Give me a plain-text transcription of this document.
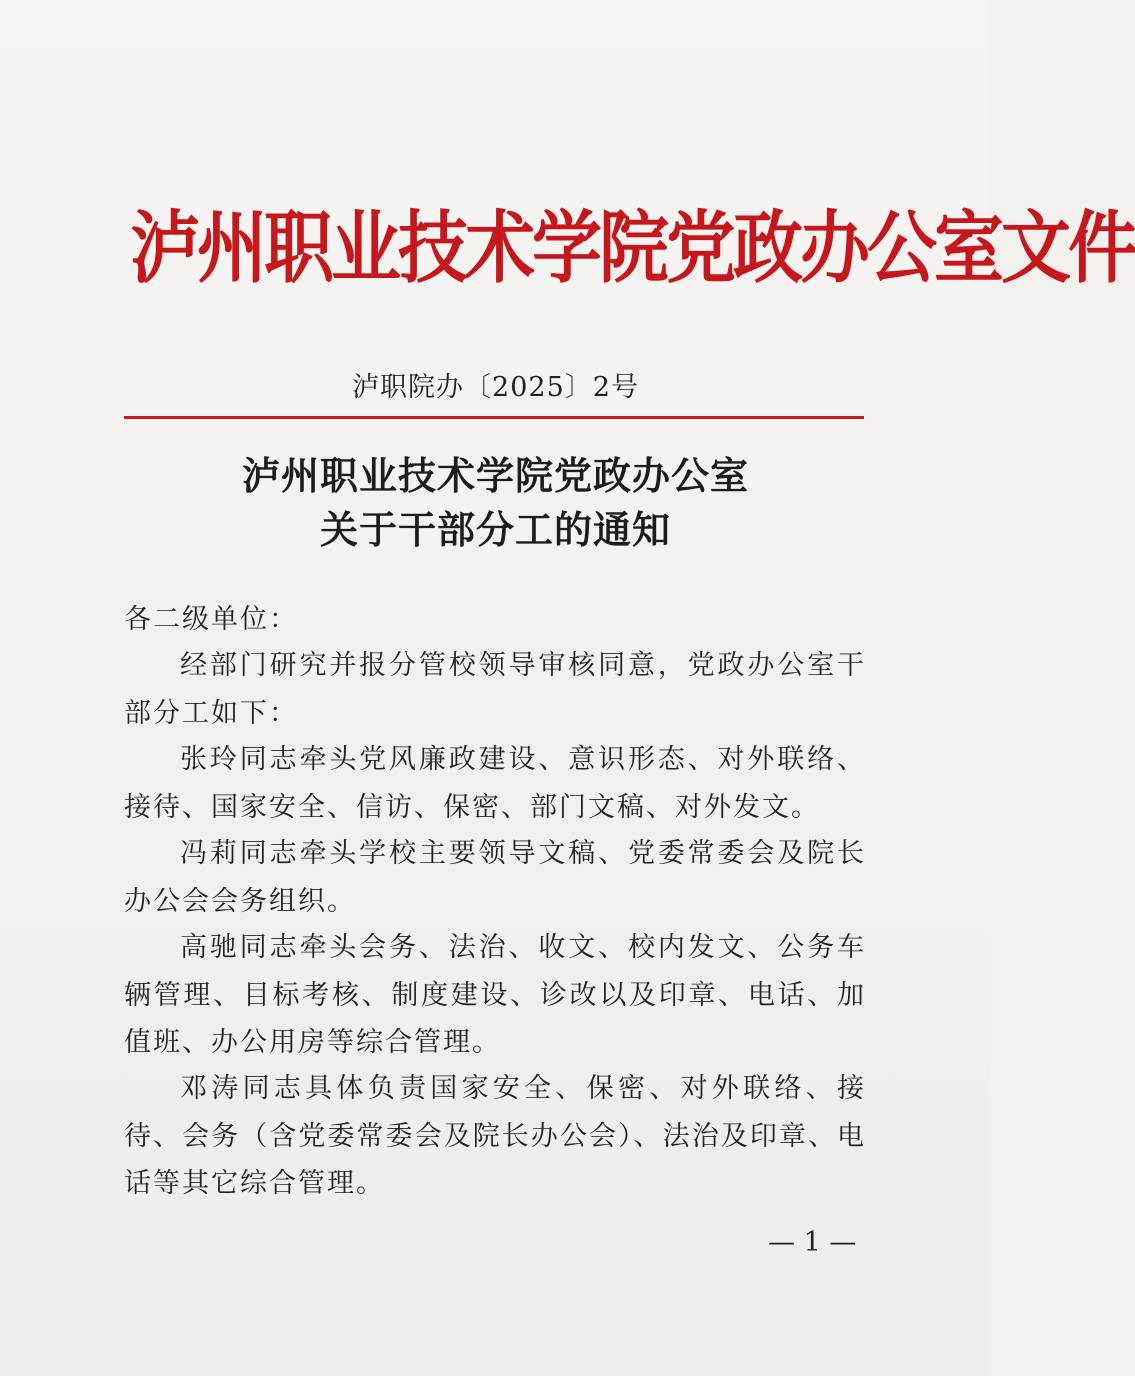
泸州职业技术学院党政办公室文件
泸职院办〔2025〕2号
泸州职业技术学院党政办公室
关于干部分工的通知
各二级单位：
经部门研究并报分管校领导审核同意，党政办公室干部分工如下：
张玲同志牵头党风廉政建设、意识形态、对外联络、接待、国家安全、信访、保密、部门文稿、对外发文。
冯莉同志牵头学校主要领导文稿、党委常委会及院长办公会会务组织。
高驰同志牵头会务、法治、收文、校内发文、公务车辆管理、目标考核、制度建设、诊改以及印章、电话、加值班、办公用房等综合管理。
邓涛同志具体负责国家安全、保密、对外联络、接待、会务（含党委常委会及院长办公会）、法治及印章、电话等其它综合管理。
— 1 —
